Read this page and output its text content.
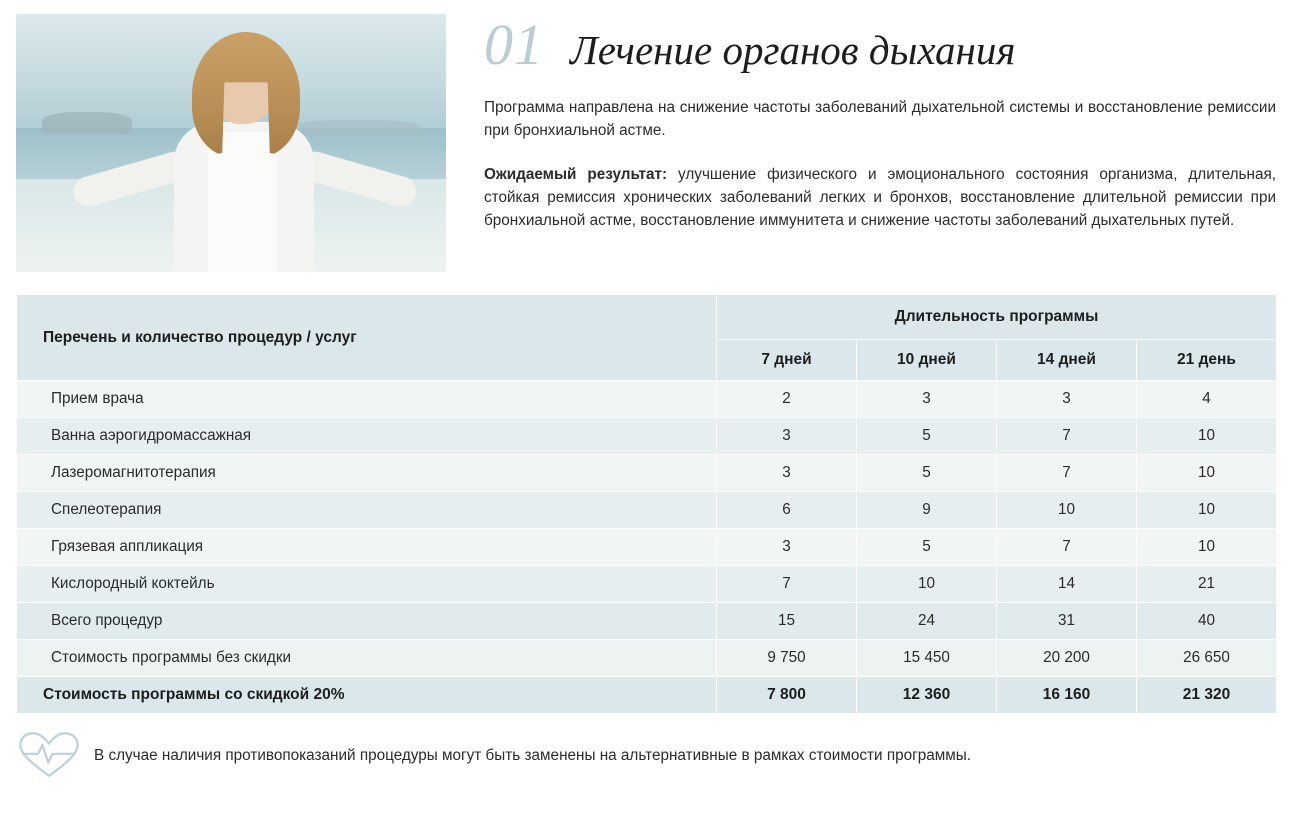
01 Лечение органов дыхания
Программа направлена на снижение частоты заболеваний дыхательной системы и восстановление ремиссии при бронхиальной астме.
Ожидаемый результат: улучшение физического и эмоционального состояния организма, длительная, стойкая ремиссия хронических заболеваний легких и бронхов, восстановление длительной ремиссии при бронхиальной астме, восстановление иммунитета и снижение частоты заболеваний дыхательных путей.
Перечень и количество процедур / услуг	Длительность программы			
	7 дней	10 дней	14 дней	21 день
Прием врача	2	3	3	4
Ванна аэрогидромассажная	3	5	7	10
Лазеромагнитотерапия	3	5	7	10
Спелеотерапия	6	9	10	10
Грязевая аппликация	3	5	7	10
Кислородный коктейль	7	10	14	21
Всего процедур	15	24	31	40
Стоимость программы без скидки	9 750	15 450	20 200	26 650
Стоимость программы со скидкой 20%	7 800	12 360	16 160	21 320
В случае наличия противопоказаний процедуры могут быть заменены на альтернативные в рамках стоимости программы.
